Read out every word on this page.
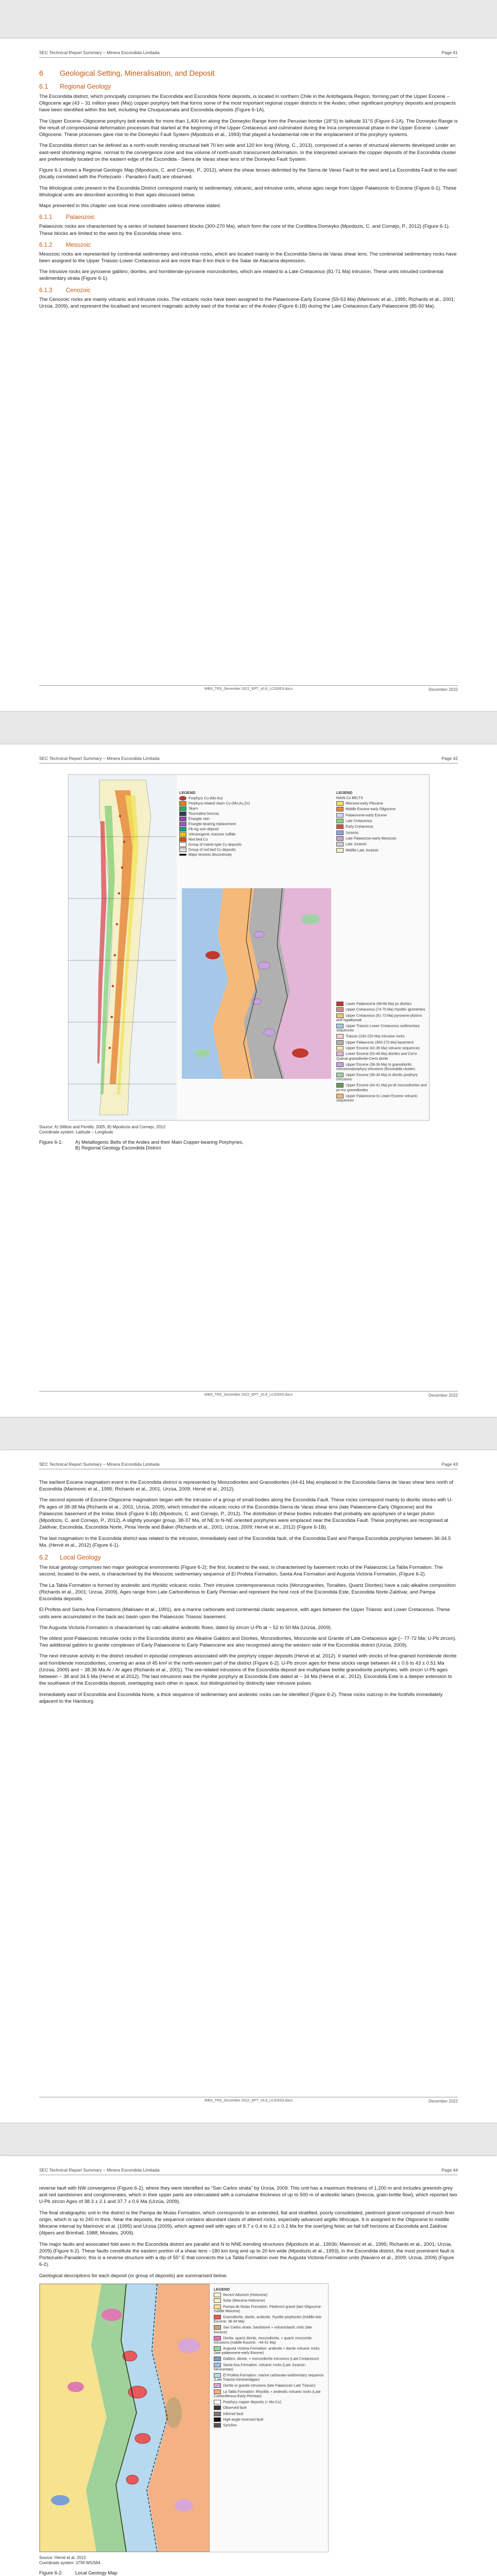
SEC Technical Report Summary – Minera Escondida Limitada	Page 41
6 Geological Setting, Mineralisation, and Deposit
6.1 Regional Geology

The Escondida district, which principally comprises the Escondida and Escondida Norte deposits, is located in northern Chile in the Antofagasta Region, forming part of the Upper Eocene – Oligocene age (43 – 31 million years (Ma)) copper porphyry belt that forms some of the most important regional copper districts in the Andes; other significant porphyry deposits and prospects have been identified within this belt, including the Chuquicamata and Escondida deposits (Figure 6-1A).

The Upper Eocene–Oligocene porphyry belt extends for more than 1,400 km along the Domeyko Range from the Peruvian border (18°S) to latitude 31°S (Figure 6-1A). The Domeyko Range is the result of compressional deformation processes that started at the beginning of the Upper Cretaceous and culminated during the Inca compressional phase in the Upper Eocene - Lower Oligocene. These processes gave rise to the Domeyko Fault System (Mpodozis et al., 1993) that played a fundamental role in the emplacement of the porphyry systems.

The Escondida district can be defined as a north-south trending structural belt 70 km wide and 120 km long (Wong, C., 2013), composed of a series of structural elements developed under an east-west shortening regime, normal to the convergence zone and low volume of north-south transcurrent deformation. In the interpreted scenario the copper deposits of the Escondida cluster are preferentially located on the eastern edge of the Escondida - Sierra de Varas shear lens of the Domeyko Fault System.

Figure 6-1 shows a Regional Geologic Map (Mpodozis, C. and Cornejo, P., 2012), where the shear lenses delimited by the Sierra de Varas Fault to the west and La Escondida Fault to the east (locally correlated with the Portezuelo - Panadero Fault) are observed.

The lithological units present in the Escondida District correspond mainly to sedimentary, volcanic, and intrusive units, whose ages range from Upper Palaeozoic to Eocene (Figure 6-1). These lithological units are described according to their ages discussed below.

Maps presented in this chapter use local mine coordinates unless otherwise stated.

6.1.1 Palaeozoic

Palaeozoic rocks are characterised by a series of isolated basement blocks (300-270 Ma), which form the core of the Cordillera Domeyko (Mpodozis, C. and Cornejo, P., 2012) (Figure 6-1). These blocks are limited to the west by the Escondida shear lens.

6.1.2 Mesozoic

Mesozoic rocks are represented by continental sedimentary and intrusive rocks, which are located mainly in the Escondida-Sierra de Varas shear lens. The continental sedimentary rocks have been assigned to the Upper Triassic-Lower Cretaceous and are more than 8 km thick in the Salar de Atacama depression.

The intrusive rocks are pyroxene gabbro, diorites, and hornblende-pyroxene monzodiorites, which are related to a Late Cretaceous (81-71 Ma) intrusion. These units intruded continental sedimentary strata (Figure 6-1).

6.1.3 Cenozoic

The Cenozoic rocks are mainly volcanic and intrusive rocks. The volcanic rocks have been assigned to the Palaeocene-Early Eocene (59-53 Ma) (Marinovic et al., 1995; Richards et al., 2001; Urzúa, 2009), and represent the localised and recurrent magmatic activity east of the frontal arc of the Andes (Figure 6-1B) during the Late Cretaceous-Early Palaeocene (85-50 Ma).

WBS_TRS_December 2022_EPT_v0.8_LC/03/03.docx	December 2022
SEC Technical Report Summary – Minera Escondida Limitada	Page 42
LEGEND
Porphyry Cu-(Mo-Au)
Porphyry-related skarn Cu-(Mo,Au,Zn)
Skarn
Tourmaline breccia
Enargite vein
Enargite-bearing replacement
Pb-Ag vein deposit
Volcanogenic massive sulfide
Red bed Cu
Group of manto-type Cu deposits
Group of red bed Cu deposits
Major tectonic discontinuity
LEGEND
MAIN Cu BELTS
Miocene-early Pliocene
Middle Eocene-early Oligocene
Palaeocene-early Eocene
Late Cretaceous
Early Cretaceous
Jurassic
Late Palaeozoic-early Mesozoic
Late Jurassic
Middle-Late Jurassic
Lower Palaeocene (68-66 Ma) pv diorites
Upper Cretaceous (74-70 Ma) rhyolitic ignimbrites
Upper Cretaceous (81-73 Ma) pyroxene-plutons and hypabyssal
Upper Triassic-Lower Cretaceous sedimentary sequences
Triassic (240-220 Ma) intrusive rocks
Upper Palaeozoic (300-270 Ma) basement
Upper Eocene (42-36 Ma) volcanic sequences
Lower Eocene (53-48 Ma) diorites and Cerro Quimal granodiorite-Cerro dorite
Upper Eocene (38-36 Ma) to granodioritic intrusions/porphyry intrusions (Escondida cluster)
Upper Eocene (36-34 Ma) to dioritic porphyry intrusions
Upper Eocene (44-41 Ma) pv-dt monzodiorites and pv-mz granodiorites
Upper Palaeocene to Lower Eocene volcanic sequences
Source: A) Sillitoe and Perelló, 2005, B) Mpodozis and Cornejo, 2012
Coordinate system: Latitude – Longitude
Figure 6-1:	A) Metallogenic Belts of the Andes and their Main Copper-bearing Porphyries,
B) Regional Geology Escondida District
WBS_TRS_December 2022_EPT_v0.8_LC/03/03.docx	December 2022
SEC Technical Report Summary – Minera Escondida Limitada	Page 43

The earliest Eocene magmatism event in the Escondida district is represented by Monzodiorites and Granodiorites (44-41 Ma) emplaced in the Escondida-Sierra de Varas shear lens north of Escondida (Marinovic et al., 1995; Richards et al., 2001; Urzúa, 2009; Hervé et al., 2012).

The second episode of Eocene-Oligocene magmatism began with the intrusion of a group of small bodies along the Escondida Fault. These rocks correspond mainly to dioritic stocks with U-Pb ages of 38-38 Ma (Richards et al., 2001; Urzúa, 2009), which intruded the volcanic rocks of the Escondida-Sierra de Varas shear lens (late Palaeocene-Early Oligocene) and the Palaeozoic basement of the Imilac block (Figure 6-1B) (Mpodozis, C. and Cornejo, P., 2012). The distribution of these bodies indicates that probably are apophyses of a larger pluton (Mpodozis, C. and Cornejo, P., 2012). A slightly younger group, 38-37 Ma, of NE to N-NE oriented porphyries were emplaced near the Escondida Fault. These porphyries are recognised at Zaldívar, Escondida, Escondida Norte, Pinta Verde and Baker (Richards et al., 2001; Urzúa, 2009; Hervé et al., 2012) (Figure 6-1B).

The last magmatism in the Escondida district was related to the intrusion, immediately east of the Escondida fault, of the Escondida East and Pampa Escondida porphyries between 36-34.5 Ma. (Hervé et al., 2012) (Figure 6-1).

6.2 Local Geology

The local geology comprises two major geological environments (Figure 6-2); the first, located to the east, is characterised by basement rocks of the Palaeozoic La Tabla Formation. The second, located to the west, is characterised by the Mesozoic sedimentary sequence of El Profeta Formation, Santa Ana Formation and Augusta Victoria Formation, (Figure 6-2).

The La Tabla Formation is formed by andesitic and rhyolitic volcanic rocks. Their intrusive contemporaneous rocks (Monzogranites, Tonalites, Quartz Diorites) have a calc-alkaline composition (Richards et al., 2001; Urzúa, 2009). Ages range from Late Carboniferous to Early Permian and represent the host rock of the Escondida Este, Escondida Norte-Zaldívar, and Pampa Escondida deposits.

El Profeta and Santa Ana Formations (Maksaev et al., 1991), are a marine carbonate and continental clastic sequence, with ages between the Upper Triassic and Lower Cretaceous. These units were accumulated in the back-arc basin upon the Palaeozoic Triassic basement.

The Augusta Victoria Formation is characterised by calc-alkaline andesitic flows, dated by zircon U-Pb at ~ 52 to 50 Ma (Urzúa, 2009).

The oldest post-Palaeozoic intrusive rocks in the Escondida district are Alkaline Gabbro and Diorites, Monzodiorites, Monzonite and Granite of Late Cretaceous age (~ 77-72 Ma; U-Pb zircon). Two additional gabbro to granite complexes of Early Palaeocene to Early Palaeocene are also recognised along the western side of the Escondida district (Urzúa, 2009).

The next intrusive activity in the district resulted in episodal complexes associated with the porphyry copper deposits (Hervé et al. 2012). It started with stocks of fine-grained hornblende diorite and hornblende monzodiorites, covering an area of 45 km² in the north-western part of the district (Figure 6-2). U-Pb zircon ages for these stocks range between 44 ± 0.6 to 43 ± 0.51 Ma (Urzúa, 2009) and ~ 38.36 Ma Ar / Ar ages (Richards et al., 2001). The ore-related intrusions of the Escondida deposit are multiphase biotite granodiorite porphyries, with zircon U-Pb ages between ~ 38 and 34.5 Ma (Hervé et al 2012). The last intrusions was the rhyolite porphyry at Escondida Este dated at ~ 34 Ma (Hervé et al., 2012). Escondida Este is a deeper extension to the southwest of the Escondida deposit, overlapping each other in space, but distinguished by distinctly later intrusive pulses.

Immediately east of Escondida and Escondida Norte, a thick sequence of sedimentary and andesitic rocks can be identified (Figure 6-2). These rocks outcrop in the foothills immediately adjacent to the Hamburg

WBS_TRS_December 2022_EPT_v0.8_LC/03/03.docx	December 2022
SEC Technical Report Summary – Minera Escondida Limitada	Page 44

reverse fault with NW convergence (Figure 6-2), where they were identified as "San Carlos strata" by Urzúa, 2009. This unit has a maximum thickness of 1,200 m and includes greenish-grey and red sandstones and conglomerates, which in their upper parts are intercalated with a cumulative thickness of up to 500 m of andesitic lahars (breccia, grain-brittle flow), which reported two U-Pb zircon Ages of 38.3 ± 2.1 and 37.7 ± 0.6 Ma (Urzúa, 2009).

The final stratigraphic unit in the district is the Pampa de Mulas Formation, which corresponds to an extended, flat and stratified, poorly consolidated, piedmont gravel composed of much finer origin, which is up to 240 m thick. Near the deposits, the sequence contains abundant clasts of altered rocks, especially advanced argillic lithocaps. It is assigned to the Oligocene to middle Miocene interval by Marinovic et al. (1995) and Urzúa (2009), which agreed well with ages of 8.7 ± 0.4 to 4.2 ± 0.2 Ma for the overlying felsic air-fall tuff horizons at Escondida and Zaldívar (Alpers and Brimhall, 1988; Morales, 2009).

The major faults and associated fold axes in the Escondida district are parallel and N to NNE-trending structures (Mpodozis et al., 1993b; Marinovic et al., 1995; Richards et al., 2001; Urzúa, 2009) (Figure 6-2). These faults constitute the eastern portion of a shear lens ~180 km long and up to 20 km wide (Mpodozis et al., 1993), in the Escondida district, the most prominent fault is Portezuelo-Panadero, this is a reverse structure with a dip of 55° E that connects the La Tabla Formation over the Augusta Victoria Formation units (Navarro et al., 2009; Urzúa, 2009) (Figure 6-2).

Geological descriptions for each deposit (or group of deposits) are summarised below.

LEGEND
Recent Alluvium (Holocene)
Solar (Miocene-Holocene)
Pampa de Mulas Formation: Piedmont gravel (late Oligocene-middle Miocene)
Granodiorite, dacite, andesite, rhyolite porphyries (middle-late Eocene; 38-34 Ma)
San Carlos strata: Sandstone + volcaniclastic units (late Eocene)
Diorite, quartz diorite, monzodiorite, + quartz monzonite intrusions (middle Eocene; ~44-41 Ma)
Augusta Victoria Formation: andesite + dacite volcanic rocks (late palaeocene-early Eocene)
Gabbro, diorite, + monzodiorite intrusions (Late Cretaceous)
Santa Ana Formation: volcanic rocks (Late Jurassic-Neocomian)
El Profeta Formation: marine carbonate-sedimentary sequence (Late Triassic-Kimmeridgian)
Diorite or granite intrusions (late Palaeozoic-Late Triassic)
La Tabla Formation: Rhyolitic + andesitic volcanic rocks (Late Carboniferous-Early Permian)
Porphyry copper deposits (+ Mo-Cu)
Observed fault
Inferred fault
High-angle reversed fault
Syncline
Source: Hervé et al, 2012
Coordinate system: UTM WGS84
Figure 6-2:	Local Geology Map
